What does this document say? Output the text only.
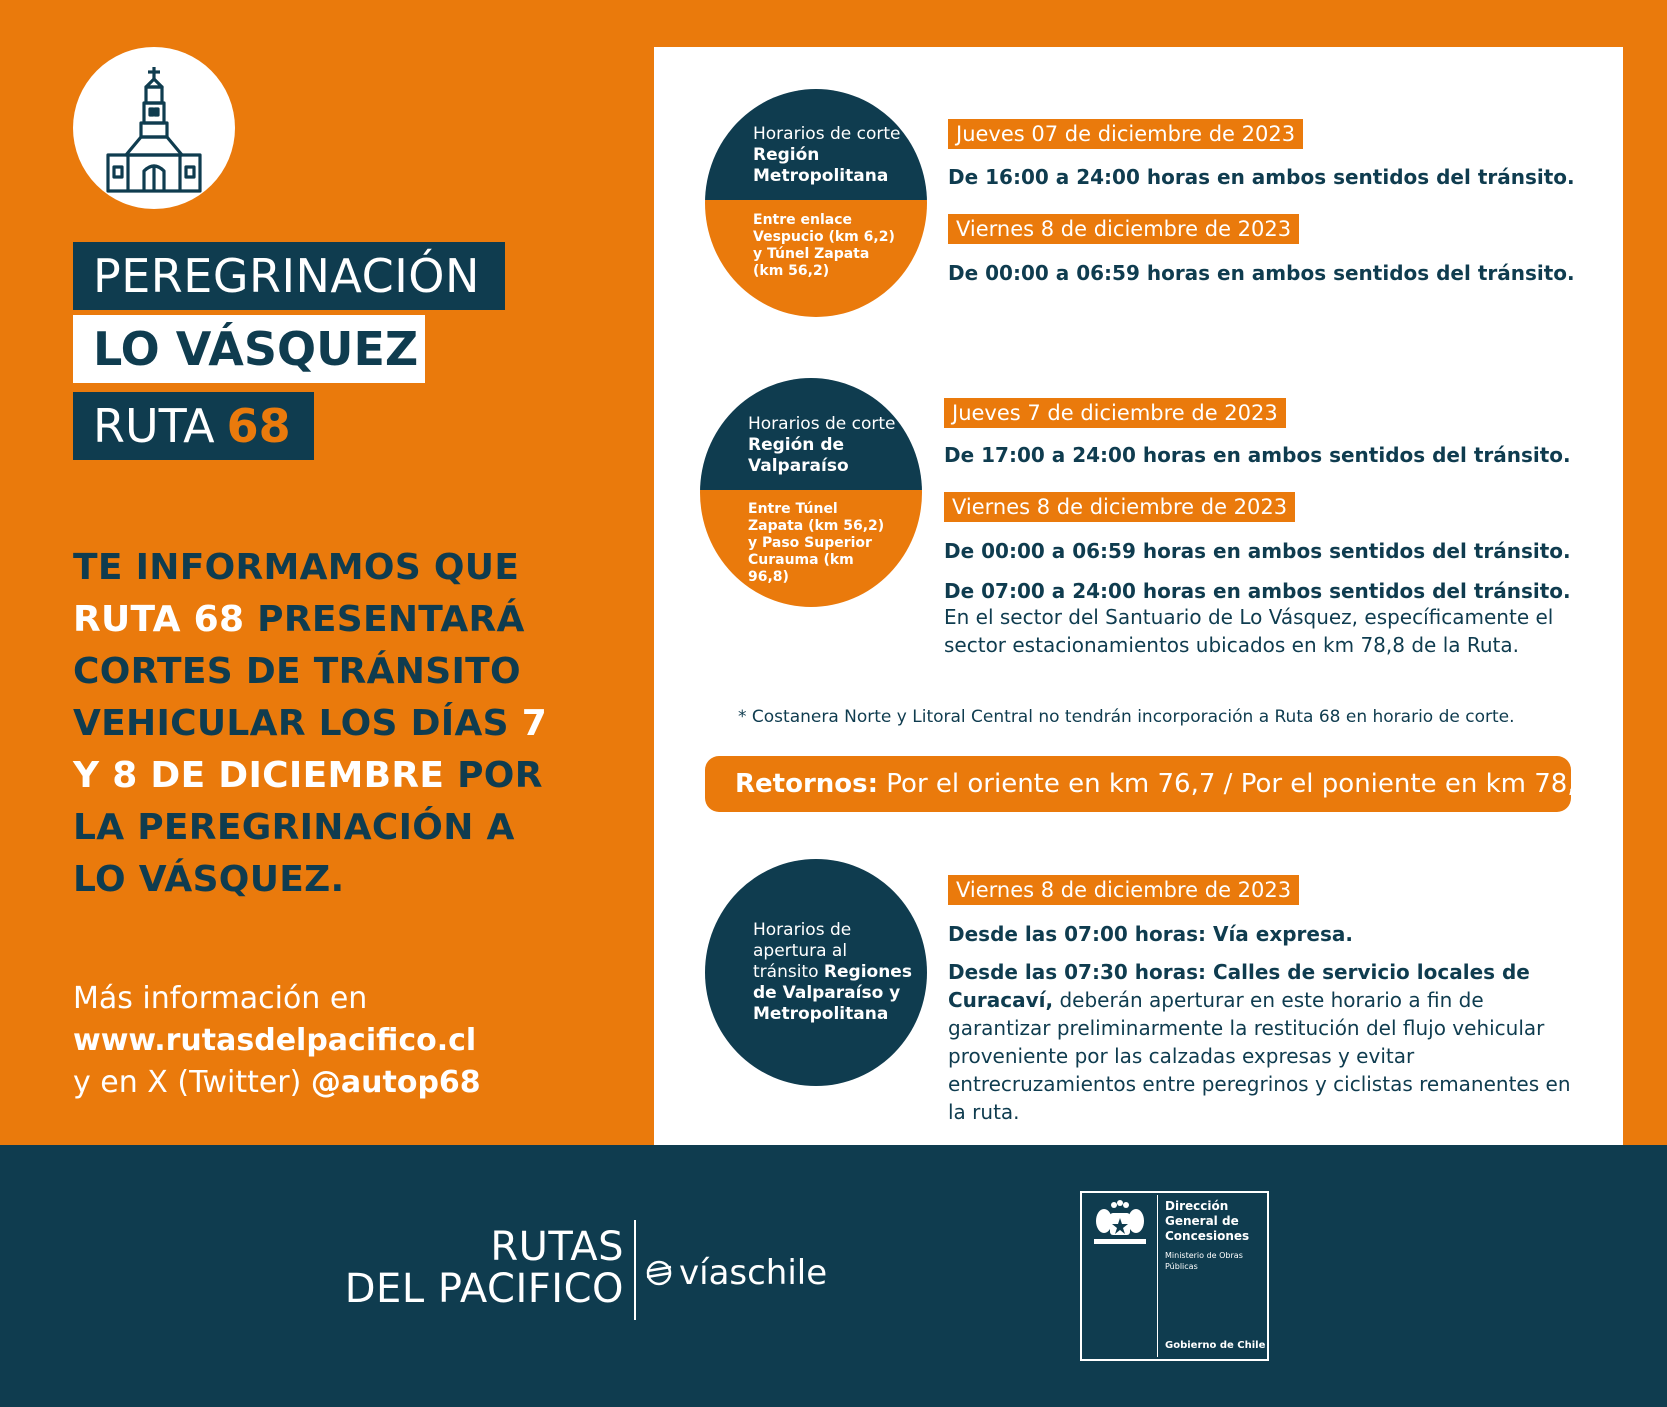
PEREGRINACIÓN
LO VÁSQUEZ
RUTA 68
TE INFORMAMOS QUE RUTA 68 PRESENTARÁ CORTES DE TRÁNSITO VEHICULAR LOS DÍAS 7 Y 8 DE DICIEMBRE POR LA PEREGRINACIÓN A LO VÁSQUEZ.
Más información en
www.rutasdelpacifico.cl
y en X (Twitter) @autop68
Horarios de corte Región Metropolitana
Entre enlace Vespucio (km 6,2) y Túnel Zapata (km 56,2)
Jueves 07 de diciembre de 2023
De 16:00 a 24:00 horas en ambos sentidos del tránsito.
Viernes 8 de diciembre de 2023
De 00:00 a 06:59 horas en ambos sentidos del tránsito.
Horarios de corte Región de Valparaíso
Entre Túnel Zapata (km 56,2) y Paso Superior Curauma (km 96,8)
Jueves 7 de diciembre de 2023
De 17:00 a 24:00 horas en ambos sentidos del tránsito.
Viernes 8 de diciembre de 2023
De 00:00 a 06:59 horas en ambos sentidos del tránsito.
De 07:00 a 24:00 horas en ambos sentidos del tránsito.
En el sector del Santuario de Lo Vásquez, específicamente el sector estacionamientos ubicados en km 78,8 de la Ruta.
* Costanera Norte y Litoral Central no tendrán incorporación a Ruta 68 en horario de corte.
Retornos: Por el oriente en km 76,7 / Por el poniente en km 78,8
Horarios de apertura al tránsito Regiones de Valparaíso y Metropolitana
Viernes 8 de diciembre de 2023
Desde las 07:00 horas: Vía expresa.
Desde las 07:30 horas: Calles de servicio locales de Curacaví, deberán aperturar en este horario a fin de garantizar preliminarmente la restitución del flujo vehicular proveniente por las calzadas expresas y evitar entrecruzamientos entre peregrinos y ciclistas remanentes en la ruta.
RUTAS
DEL PACIFICO víaschile
Dirección General de Concesiones
Ministerio de Obras Públicas
Gobierno de Chile
